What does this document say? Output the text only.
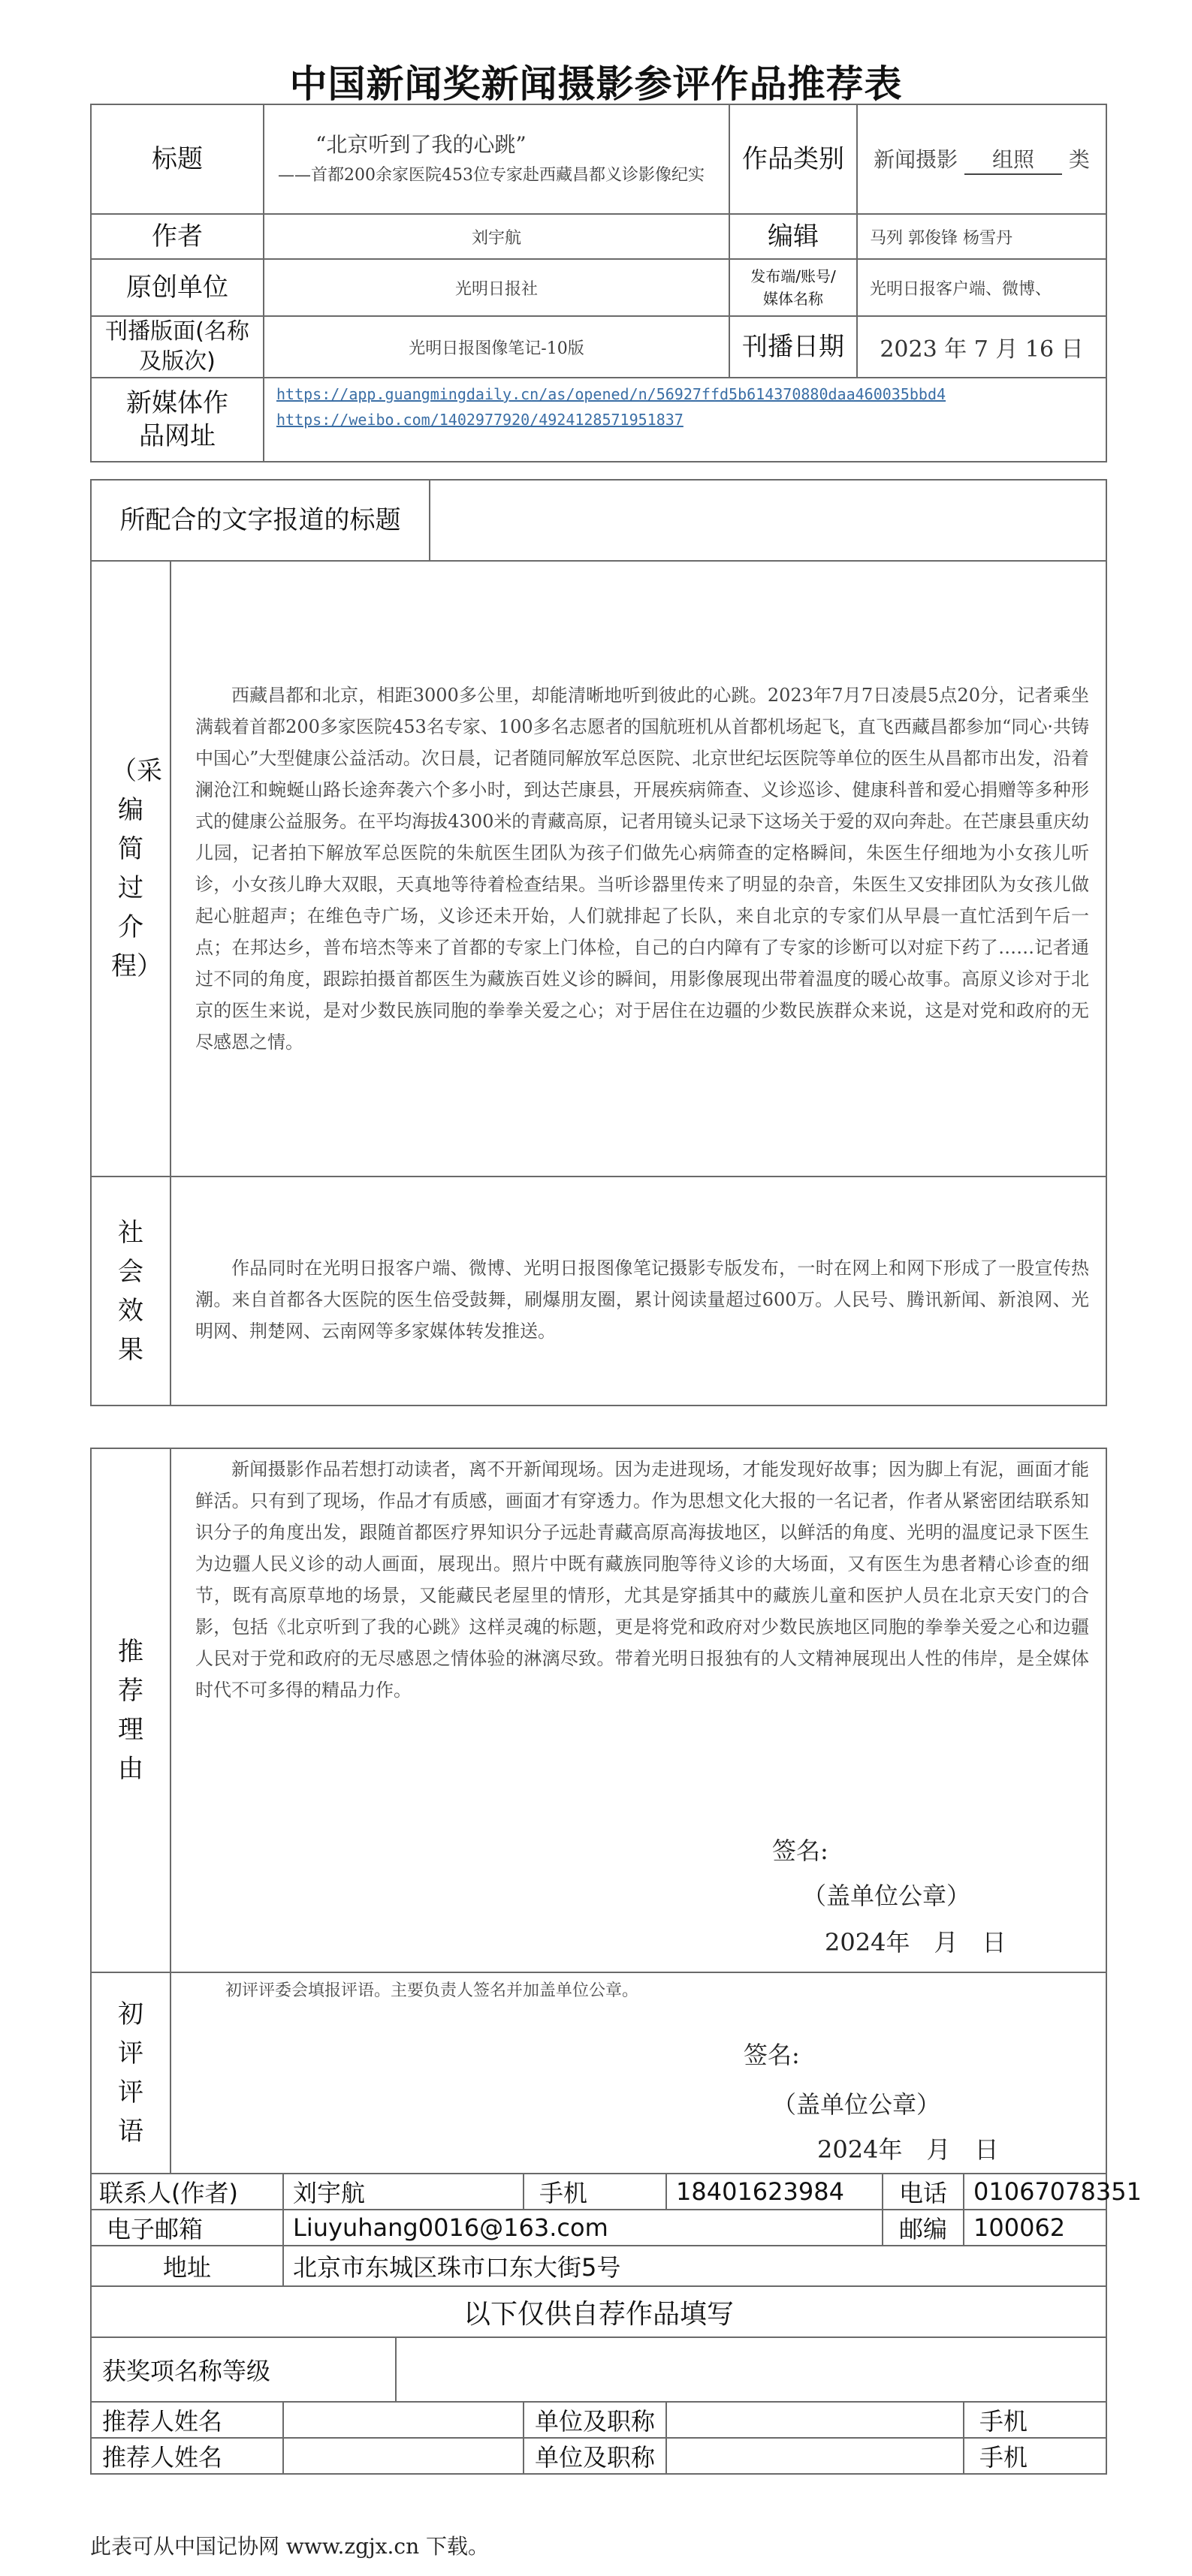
中国新闻奖新闻摄影参评作品推荐表
标题	“北京听到了我的心跳”
——首都200余家医院453位专家赴西藏昌都义诊影像纪实	作品类别	新闻摄影 组照 类
作者	刘宇航	编辑	马列 郭俊锋 杨雪丹
原创单位	光明日报社	发布端/账号/媒体名称	光明日报客户端、微博、
刊播版面(名称及版次)	光明日报图像笔记-10版	刊播日期	2023 年 7 月 16 日
新媒体作品网址	https://app.guangmingdaily.cn/as/opened/n/56927ffd5b614370880daa460035bbd4
https://weibo.com/1402977920/4924128571951837		
所配合的文字报道的标题		

（采编简过介程）	西藏昌都和北京，相距3000多公里，却能清晰地听到彼此的心跳。2023年7月7日凌晨5点20分，记者乘坐满载着首都200多家医院453名专家、100多名志愿者的国航班机从首都机场起飞，直飞西藏昌都参加“同心·共铸中国心”大型健康公益活动。次日晨，记者随同解放军总医院、北京世纪坛医院等单位的医生从昌都市出发，沿着澜沧江和蜿蜒山路长途奔袭六个多小时，到达芒康县，开展疾病筛查、义诊巡诊、健康科普和爱心捐赠等多种形式的健康公益服务。在平均海拔4300米的青藏高原，记者用镜头记录下这场关于爱的双向奔赴。在芒康县重庆幼儿园，记者拍下解放军总医院的朱航医生团队为孩子们做先心病筛查的定格瞬间，朱医生仔细地为小女孩儿听诊，小女孩儿睁大双眼，天真地等待着检查结果。当听诊器里传来了明显的杂音，朱医生又安排团队为女孩儿做起心脏超声；在维色寺广场，义诊还未开始，人们就排起了长队，来自北京的专家们从早晨一直忙活到午后一点；在邦达乡，普布培杰等来了首都的专家上门体检，自己的白内障有了专家的诊断可以对症下药了……记者通过不同的角度，跟踪拍摄首都医生为藏族百姓义诊的瞬间，用影像展现出带着温度的暖心故事。高原义诊对于北京的医生来说，是对少数民族同胞的拳拳关爱之心；对于居住在边疆的少数民族群众来说，这是对党和政府的无尽感恩之情。	

社会效果	作品同时在光明日报客户端、微博、光明日报图像笔记摄影专版发布，一时在网上和网下形成了一股宣传热潮。来自首都各大医院的医生倍受鼓舞，刷爆朋友圈，累计阅读量超过600万。人民号、腾讯新闻、新浪网、光明网、荆楚网、云南网等多家媒体转发推送。	
推荐理由	新闻摄影作品若想打动读者，离不开新闻现场。因为走进现场，才能发现好故事；因为脚上有泥，画面才能鲜活。只有到了现场，作品才有质感，画面才有穿透力。作为思想文化大报的一名记者，作者从紧密团结联系知识分子的角度出发，跟随首都医疗界知识分子远赴青藏高原高海拔地区，以鲜活的角度、光明的温度记录下医生为边疆人民义诊的动人画面，展现出。照片中既有藏族同胞等待义诊的大场面，又有医生为患者精心诊查的细节，既有高原草地的场景，又能藏民老屋里的情形，尤其是穿插其中的藏族儿童和医护人员在北京天安门的合影，包括《北京听到了我的心跳》这样灵魂的标题，更是将党和政府对少数民族地区同胞的拳拳关爱之心和边疆人民对于党和政府的无尽感恩之情体验的淋漓尽致。带着光明日报独有的人文精神展现出人性的伟岸，是全媒体时代不可多得的精品力作。
签名:
（盖单位公章）
2024年　月　日						

初评评语	初评评委会填报评语。主要负责人签名并加盖单位公章。
签名:
（盖单位公章）
2024年　月　日						

联系人(作者)		刘宇航		手机	18401623984	电话	01067078351
电子邮箱		Liuyuhang0016@163.com				邮编	100062
地址		北京市东城区珠市口东大街5号					
以下仅供自荐作品填写							
获奖项名称等级							
推荐人姓名				单位及职称			手机
推荐人姓名				单位及职称			手机
此表可从中国记协网 www.zgjx.cn 下载。
